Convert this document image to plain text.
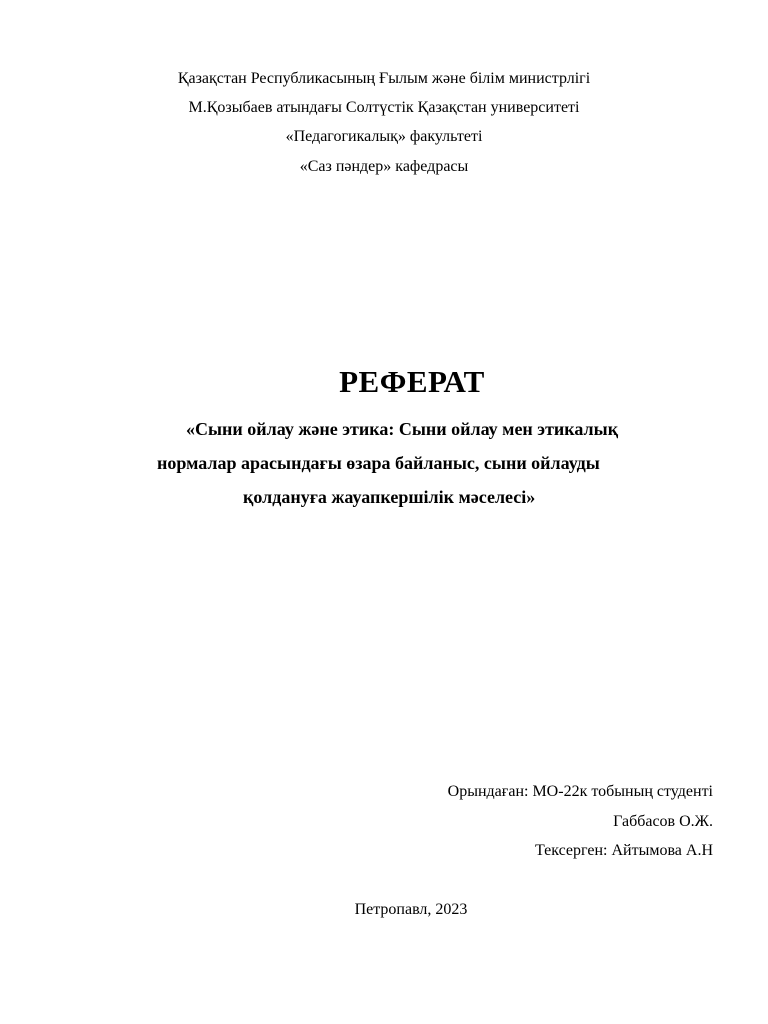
Қазақстан Республикасының Ғылым және білім министрлігі
М.Қозыбаев атындағы Солтүстік Қазақстан университеті
«Педагогикалық» факультеті
«Саз пәндер» кафедрасы
РЕФЕРАТ
«Сыни ойлау және этика: Сыни ойлау мен этикалық
нормалар арасындағы өзара байланыс, сыни ойлауды
қолдануға жауапкершілік мәселесі»
Орындаған: МО-22к тобының студенті
Габбасов О.Ж.
Тексерген: Айтымова А.Н
Петропавл, 2023
